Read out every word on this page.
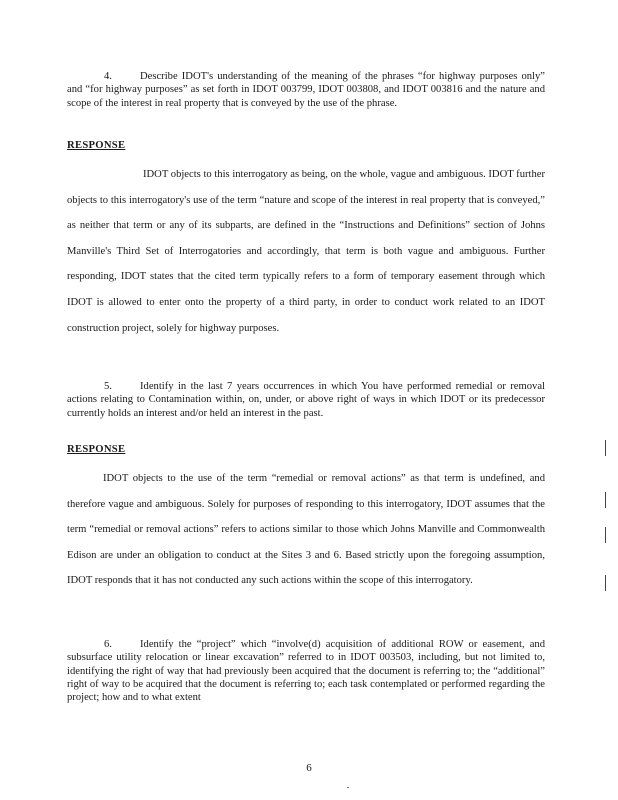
4.	Describe IDOT's understanding of the meaning of the phrases “for highway purposes only” and “for highway purposes” as set forth in IDOT 003799, IDOT 003808, and IDOT 003816 and the nature and scope of the interest in real property that is conveyed by the use of the phrase.

RESPONSE

IDOT objects to this interrogatory as being, on the whole, vague and ambiguous. IDOT further objects to this interrogatory's use of the term “nature and scope of the interest in real property that is conveyed,” as neither that term or any of its subparts, are defined in the “Instructions and Definitions” section of Johns Manville's Third Set of Interrogatories and accordingly, that term is both vague and ambiguous. Further responding, IDOT states that the cited term typically refers to a form of temporary easement through which IDOT is allowed to enter onto the property of a third party, in order to conduct work related to an IDOT construction project, solely for highway purposes.

5.	Identify in the last 7 years occurrences in which You have performed remedial or removal actions relating to Contamination within, on, under, or above right of ways in which IDOT or its predecessor currently holds an interest and/or held an interest in the past.

RESPONSE

IDOT objects to the use of the term “remedial or removal actions” as that term is undefined, and therefore vague and ambiguous. Solely for purposes of responding to this interrogatory, IDOT assumes that the term “remedial or removal actions” refers to actions similar to those which Johns Manville and Commonwealth Edison are under an obligation to conduct at the Sites 3 and 6. Based strictly upon the foregoing assumption, IDOT responds that it has not conducted any such actions within the scope of this interrogatory.

6.	Identify the “project” which “involve(d) acquisition of additional ROW or easement, and subsurface utility relocation or linear excavation” referred to in IDOT 003503, including, but not limited to, identifying the right of way that had previously been acquired that the document is referring to; the “additional” right of way to be acquired that the document is referring to; each task contemplated or performed regarding the project; how and to what extent

6
